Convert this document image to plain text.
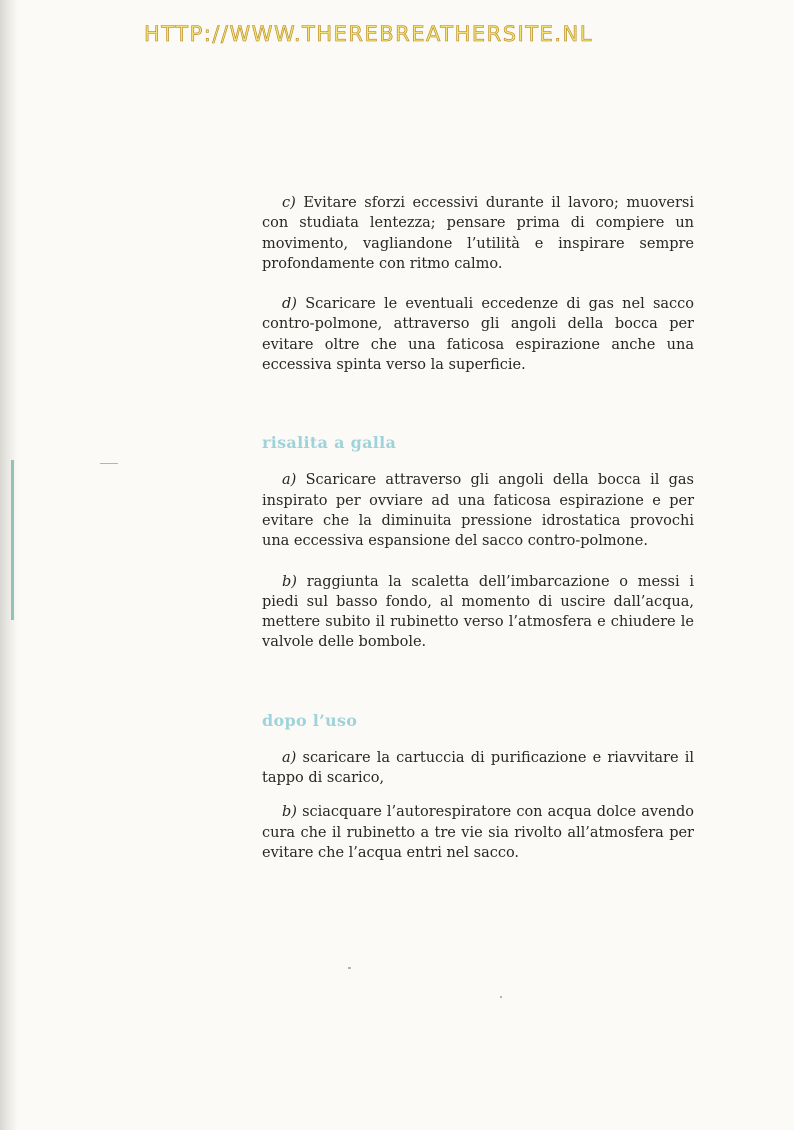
HTTP://WWW.THEREBREATHERSITE.NL

c) Evitare sforzi eccessivi durante il lavoro; muoversi con studiata lentezza; pensare prima di compiere un movimento, vagliandone l’utilità e inspirare sempre profondamente con ritmo calmo.

d) Scaricare le eventuali eccedenze di gas nel sacco contro-polmone, attraverso gli angoli della bocca per evitare oltre che una faticosa espirazione anche una eccessiva spinta verso la superficie.

risalita a galla

a) Scaricare attraverso gli angoli della bocca il gas inspirato per ovviare ad una faticosa espirazione e per evitare che la diminuita pressione idrostatica provochi una eccessiva espansione del sacco contro-polmone.

b) raggiunta la scaletta dell’imbarcazione o messi i piedi sul basso fondo, al momento di uscire dall’acqua, mettere subito il rubinetto verso l’atmosfera e chiudere le valvole delle bombole.

dopo l’uso

a) scaricare la cartuccia di purificazione e riavvitare il tappo di scarico,

b) sciacquare l’autorespiratore con acqua dolce avendo cura che il rubinetto a tre vie sia rivolto all’atmosfera per evitare che l’acqua entri nel sacco.
